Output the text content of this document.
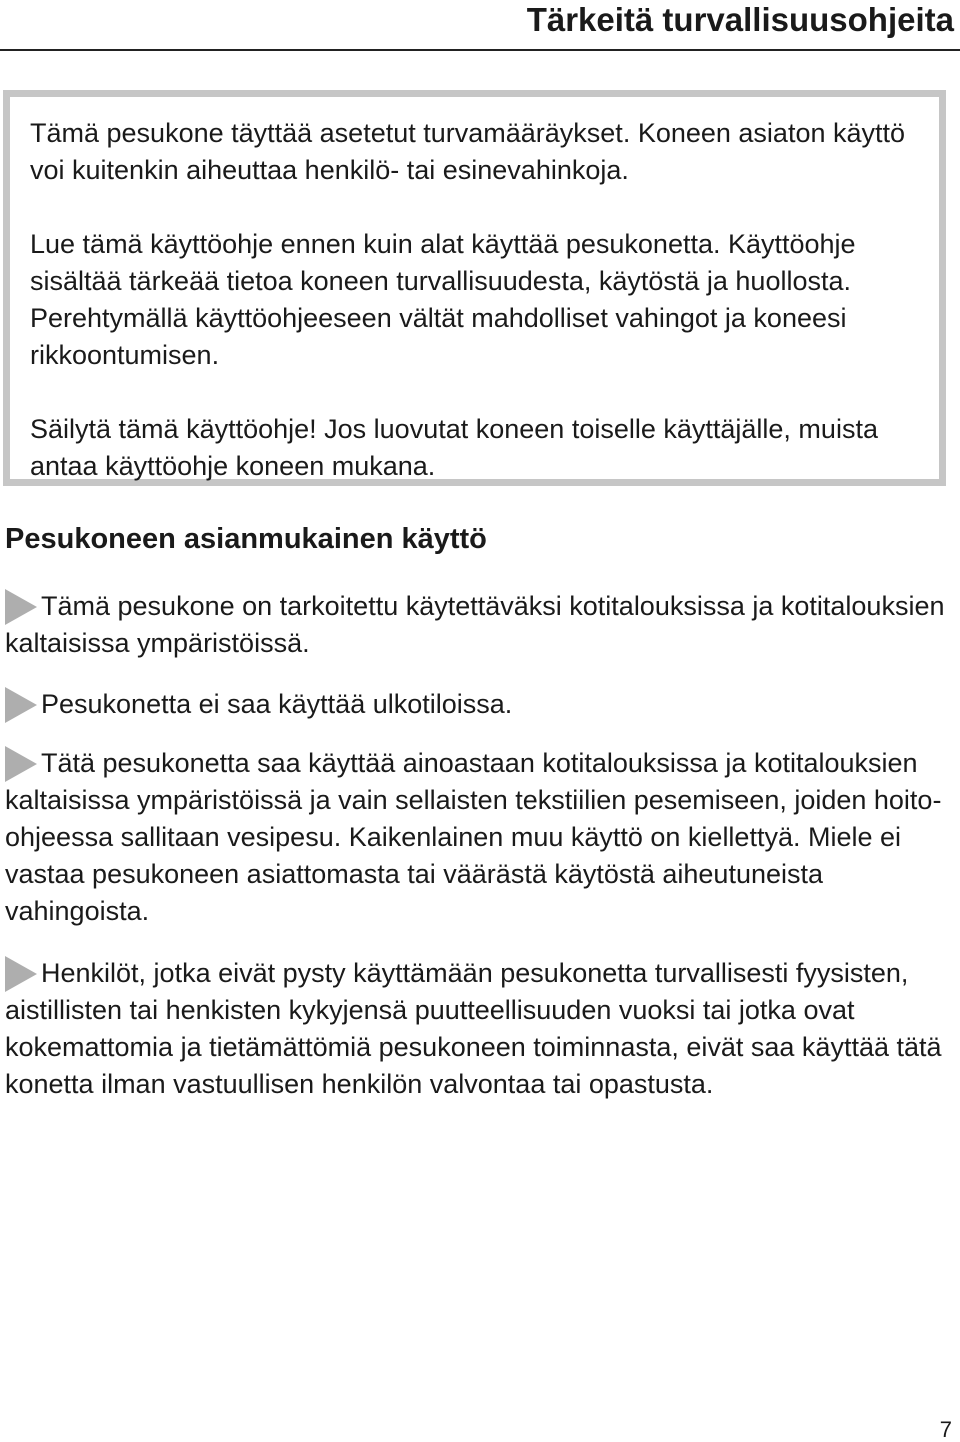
Tärkeitä turvallisuusohjeita

Tämä pesukone täyttää asetetut turvamääräykset. Koneen asiaton käyttö voi kuitenkin aiheuttaa henkilö- tai esinevahinkoja.

Lue tämä käyttöohje ennen kuin alat käyttää pesukonetta. Käyttöohje sisältää tärkeää tietoa koneen turvallisuudesta, käytöstä ja huollosta. Perehtymällä käyttöohjeeseen vältät mahdolliset vahingot ja koneesi rikkoontumisen.

Säilytä tämä käyttöohje! Jos luovutat koneen toiselle käyttäjälle, muista antaa käyttöohje koneen mukana.

Pesukoneen asianmukainen käyttö

Tämä pesukone on tarkoitettu käytettäväksi kotitalouksissa ja kotitalouksien kaltaisissa ympäristöissä.

Pesukonetta ei saa käyttää ulkotiloissa.

Tätä pesukonetta saa käyttää ainoastaan kotitalouksissa ja kotitalouksien kaltaisissa ympäristöissä ja vain sellaisten tekstiilien pesemiseen, joiden hoito-ohjeessa sallitaan vesipesu. Kaikenlainen muu käyttö on kiellettyä. Miele ei vastaa pesukoneen asiattomasta tai väärästä käytöstä aiheutuneista vahingoista.

Henkilöt, jotka eivät pysty käyttämään pesukonetta turvallisesti fyysisten, aistillisten tai henkisten kykyjensä puutteellisuuden vuoksi tai jotka ovat kokemattomia ja tietämättömiä pesukoneen toiminnasta, eivät saa käyttää tätä konetta ilman vastuullisen henkilön valvontaa tai opastusta.

7
